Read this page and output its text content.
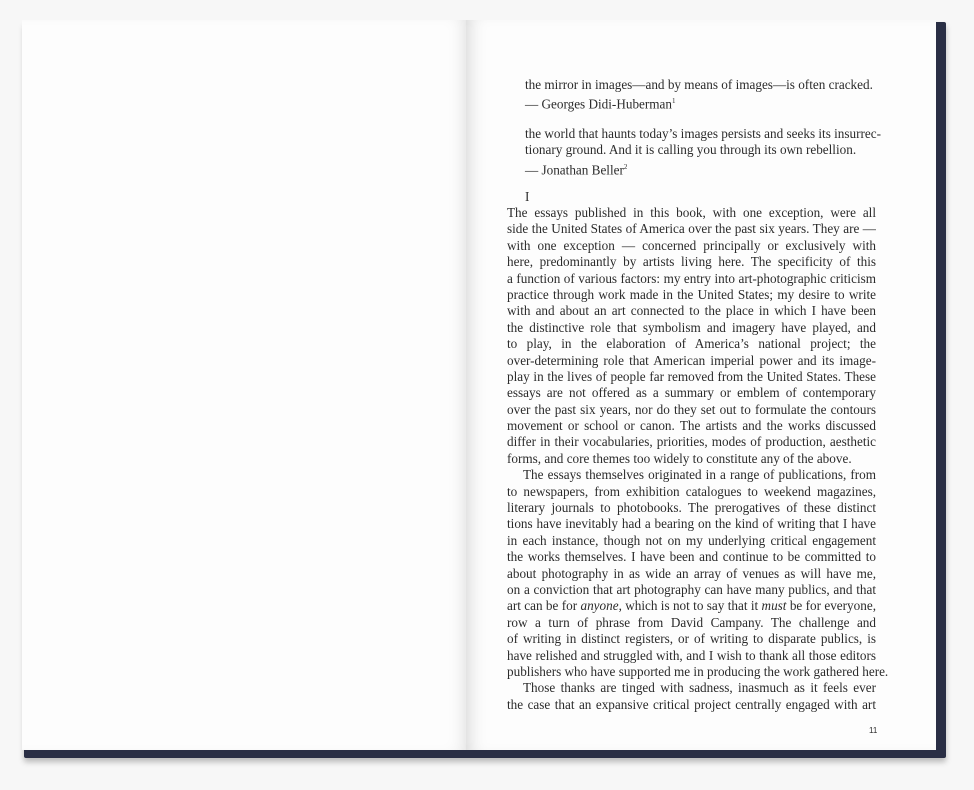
the mirror in images—and by means of images—is often cracked.
— Georges Didi-Huberman$^1$
the world that haunts today’s images persists and seeks its insurrec-
tionary ground. And it is calling you through its own rebellion.
— Jonathan Beller$^2$
I
The essays published in this book, with one exception, were all
side the United States of America over the past six years. They are —
with one exception — concerned principally or exclusively with
here, predominantly by artists living here. The specificity of this
a function of various factors: my entry into art-photographic criticism
practice through work made in the United States; my desire to write
with and about an art connected to the place in which I have been
the distinctive role that symbolism and imagery have played, and
to play, in the elaboration of America’s national project; the
over-determining role that American imperial power and its image-
play in the lives of people far removed from the United States. These
essays are not offered as a summary or emblem of contemporary
over the past six years, nor do they set out to formulate the contours
movement or school or canon. The artists and the works discussed
differ in their vocabularies, priorities, modes of production, aesthetic
forms, and core themes too widely to constitute any of the above.
The essays themselves originated in a range of publications, from
to newspapers, from exhibition catalogues to weekend magazines,
literary journals to photobooks. The prerogatives of these distinct
tions have inevitably had a bearing on the kind of writing that I have
in each instance, though not on my underlying critical engagement
the works themselves. I have been and continue to be committed to
about photography in as wide an array of venues as will have me,
on a conviction that art photography can have many publics, and that
art can be for anyone, which is not to say that it must be for everyone,
row a turn of phrase from David Campany. The challenge and
of writing in distinct registers, or of writing to disparate publics, is
have relished and struggled with, and I wish to thank all those editors
publishers who have supported me in producing the work gathered here.
Those thanks are tinged with sadness, inasmuch as it feels ever
the case that an expansive critical project centrally engaged with art
11
